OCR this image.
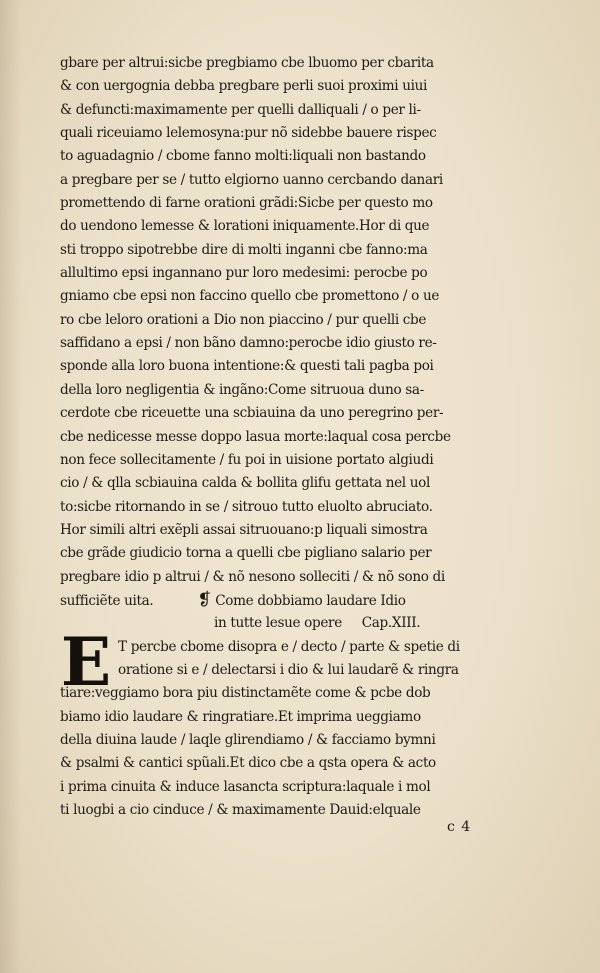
gbare per altrui:sicbe pregbiamo cbe lbuomo per cbarita
& con uergognia debba pregbare perli suoi proximi uiui
& defuncti:maximamente per quelli dalliquali / o per li-
quali riceuiamo lelemosyna:pur nõ sidebbe bauere rispec
to aguadagnio / cbome fanno molti:liquali non bastando
a pregbare per se / tutto elgiorno uanno cercbando danari
promettendo di farne orationi grãdi:Sicbe per questo mo
do uendono lemesse & lorationi iniquamente.Hor di que
sti troppo sipotrebbe dire di molti inganni cbe fanno:ma
allultimo epsi ingannano pur loro medesimi: perocbe po
gniamo cbe epsi non faccino quello cbe promettono / o ue
ro cbe leloro orationi a Dio non piaccino / pur quelli cbe
saffidano a epsi / non bãno damno:perocbe idio giusto re-
sponde alla loro buona intentione:& questi tali pagba poi
della loro negligentia & ingãno:Come sitruoua duno sa-
cerdote cbe riceuette una scbiauina da uno peregrino per-
cbe nedicesse messe doppo lasua morte:laqual cosa percbe
non fece sollecitamente / fu poi in uisione portato algiudi
cio / & qlla scbiauina calda & bollita glifu gettata nel uol
to:sicbe ritornando in se / sitrouo tutto eluolto abruciato.
Hor simili altri exẽpli assai sitruouano:p liquali simostra
cbe grãde giudicio torna a quelli cbe pigliano salario per
pregbare idio p altrui / & nõ nesono solleciti / & nõ sono di
sufficiẽte uita.	❡ Come dobbiamo laudare Idio
in tutte lesue opere     Cap.XIII.
T percbe cbome disopra e / decto / parte & spetie di
oratione si e / delectarsi i dio & lui laudarẽ & ringra
tiare:veggiamo bora piu distinctamẽte come & pcbe dob
biamo idio laudare & ringratiare.Et imprima ueggiamo
della diuina laude / laqle glirendiamo / & facciamo bymni
& psalmi & cantici spũali.Et dico cbe a qsta opera & acto
i prima cinuita & induce lasancta scriptura:laquale i mol
ti luogbi a cio cinduce / & maximamente Dauid:elquale
E
c 4
